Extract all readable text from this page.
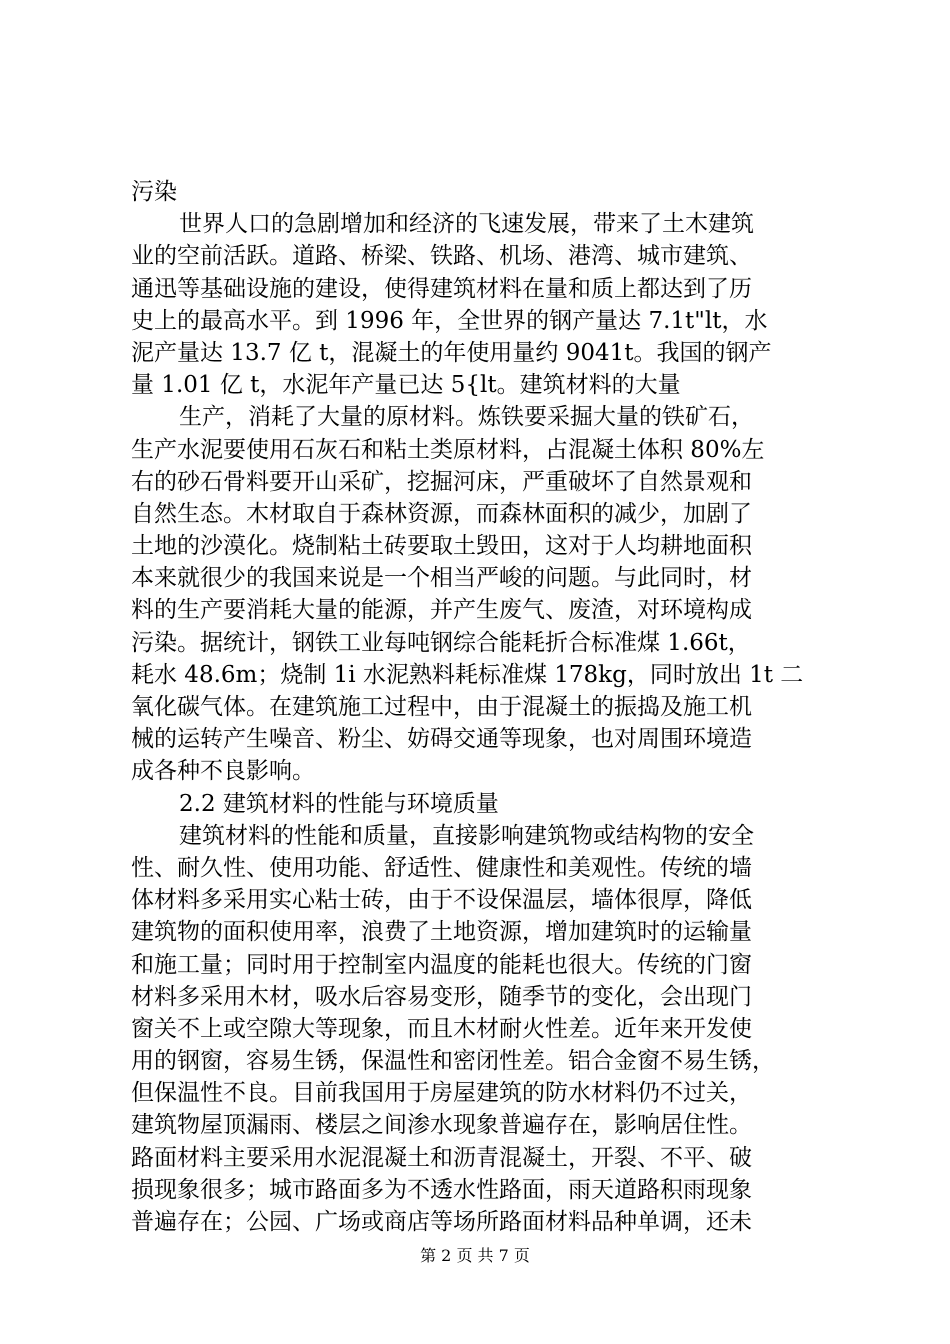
污染
世界人口的急剧增加和经济的飞速发展，带来了土木建筑
业的空前活跃。道路、桥梁、铁路、机场、港湾、城市建筑、
通迅等基础设施的建设，使得建筑材料在量和质上都达到了历
史上的最高水平。到 1996 年，全世界的钢产量达 7.1t"lt，水
泥产量达 13.7 亿 t，混凝土的年使用量约 9041t。我国的钢产
量 1.01 亿 t，水泥年产量已达 5{lt。建筑材料的大量
生产，消耗了大量的原材料。炼铁要采掘大量的铁矿石，
生产水泥要使用石灰石和粘土类原材料，占混凝土体积 80%左
右的砂石骨料要开山采矿，挖掘河床，严重破坏了自然景观和
自然生态。木材取自于森林资源，而森林面积的减少，加剧了
土地的沙漠化。烧制粘土砖要取土毁田，这对于人均耕地面积
本来就很少的我国来说是一个相当严峻的问题。与此同时，材
料的生产要消耗大量的能源，并产生废气、废渣，对环境构成
污染。据统计，钢铁工业每吨钢综合能耗折合标准煤 1.66t，
耗水 48.6m；烧制 1i 水泥熟料耗标准煤 178kg，同时放出 1t 二
氧化碳气体。在建筑施工过程中，由于混凝土的振捣及施工机
械的运转产生噪音、粉尘、妨碍交通等现象，也对周围环境造
成各种不良影响。
2.2 建筑材料的性能与环境质量
建筑材料的性能和质量，直接影响建筑物或结构物的安全
性、耐久性、使用功能、舒适性、健康性和美观性。传统的墙
体材料多采用实心粘士砖，由于不设保温层，墙体很厚，降低
建筑物的面积使用率，浪费了土地资源，增加建筑时的运输量
和施工量；同时用于控制室内温度的能耗也很大。传统的门窗
材料多采用木材，吸水后容易变形，随季节的变化，会出现门
窗关不上或空隙大等现象，而且木材耐火性差。近年来开发使
用的钢窗，容易生锈，保温性和密闭性差。铝合金窗不易生锈，
但保温性不良。目前我国用于房屋建筑的防水材料仍不过关，
建筑物屋顶漏雨、楼层之间渗水现象普遍存在，影响居住性。
路面材料主要采用水泥混凝土和沥青混凝土，开裂、不平、破
损现象很多；城市路面多为不透水性路面，雨天道路积雨现象
普遍存在；公园、广场或商店等场所路面材料品种单调，还未
第 2 页 共 7 页
